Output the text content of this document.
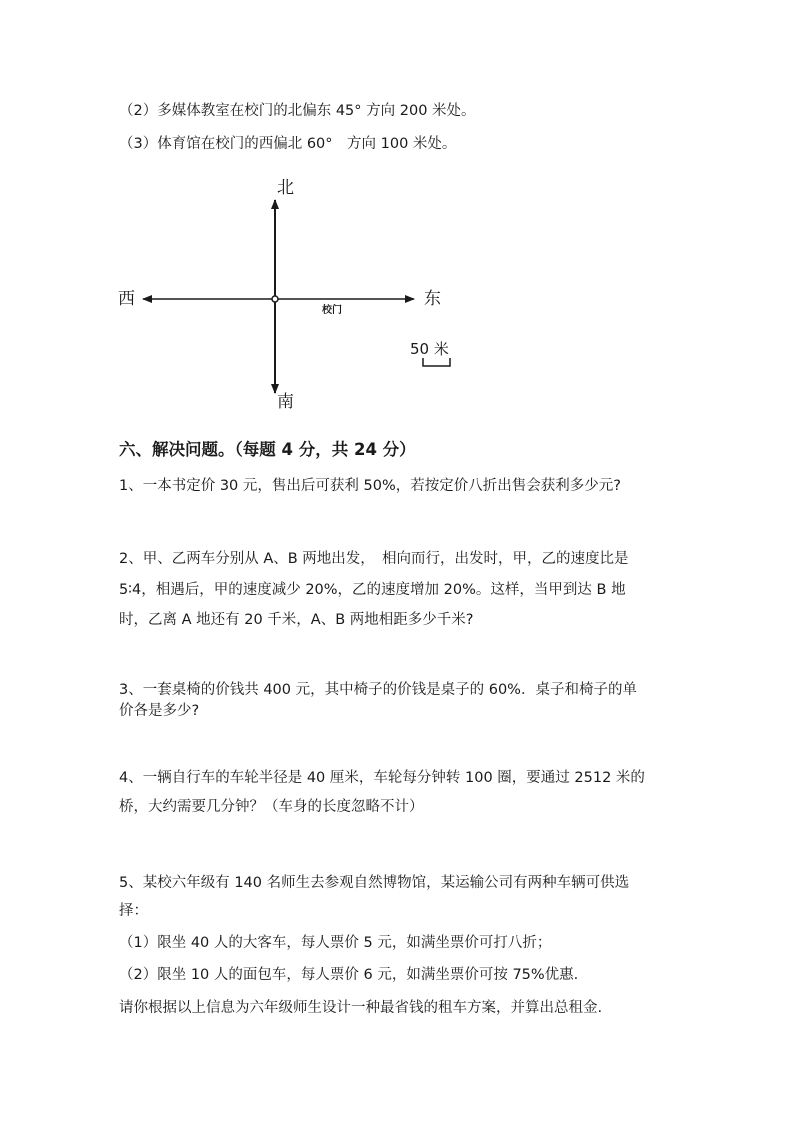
（2）多媒体教室在校门的北偏东 45° 方向 200 米处。
（3）体育馆在校门的西偏北 60°　方向 100 米处。
北
南
东
西
校门
50 米
六、解决问题。（每题 4 分，共 24 分）
1、一本书定价 30 元，售出后可获利 50%，若按定价八折出售会获利多少元?
2、甲、乙两车分别从 A、B 两地出发，　相向而行，出发时，甲，乙的速度比是
5∶4，相遇后，甲的速度减少 20%，乙的速度增加 20%。这样，当甲到达 B 地
时，乙离 A 地还有 20 千米，A、B 两地相距多少千米?
3、一套桌椅的价钱共 400 元，其中椅子的价钱是桌子的 60%．桌子和椅子的单
价各是多少?
4、一辆自行车的车轮半径是 40 厘米，车轮每分钟转 100 圈，要通过 2512 米的
桥，大约需要几分钟？（车身的长度忽略不计）
5、某校六年级有 140 名师生去参观自然博物馆，某运输公司有两种车辆可供选
择：
（1）限坐 40 人的大客车，每人票价 5 元，如满坐票价可打八折；
（2）限坐 10 人的面包车，每人票价 6 元，如满坐票价可按 75%优惠.
请你根据以上信息为六年级师生设计一种最省钱的租车方案，并算出总租金.
